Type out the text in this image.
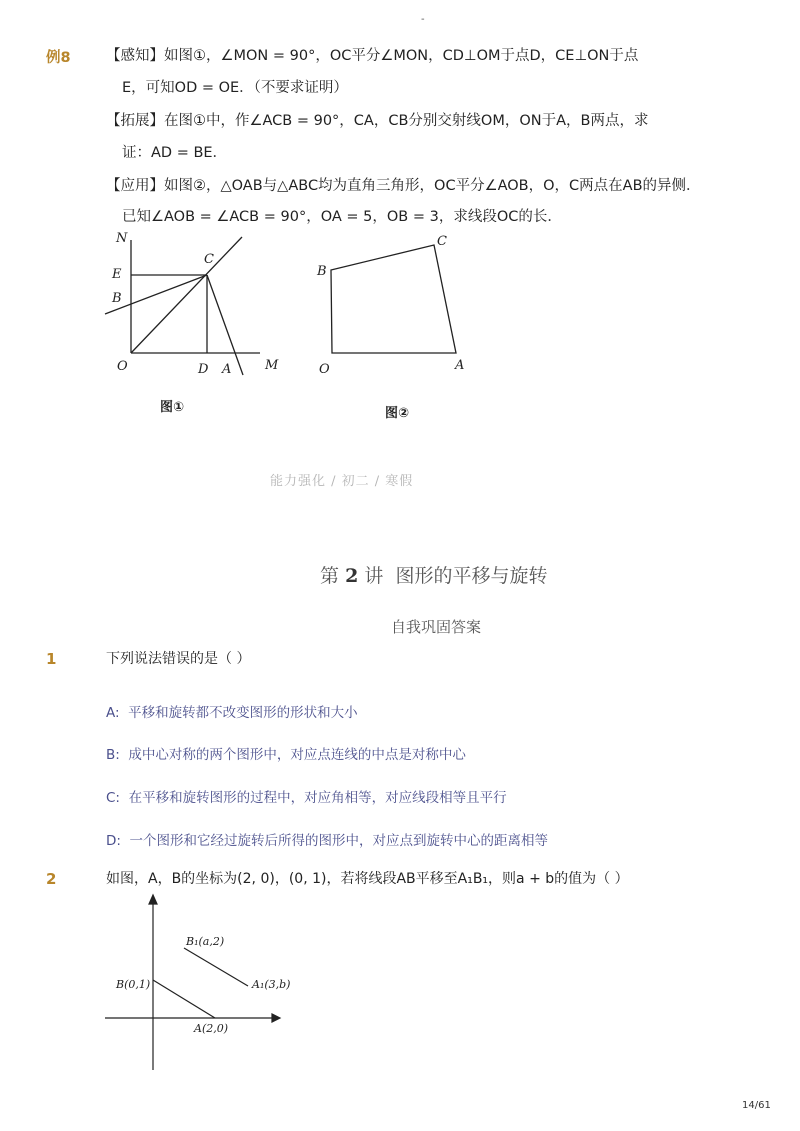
-
例8 【感知】如图①，∠MON = 90°，OC平分∠MON，CD⊥OM于点D，CE⊥ON于点
E，可知OD = OE．（不要求证明）
【拓展】在图①中，作∠ACB = 90°，CA，CB分别交射线OM，ON于A，B两点，求
证：AD = BE．
【应用】如图②，△OAB与△ABC均为直角三角形，OC平分∠AOB，O，C两点在AB的异侧．
已知∠AOB = ∠ACB = 90°，OA = 5，OB = 3，求线段OC的长．
N
E
B
C
O	D A	M
图①
B
C
O	A
图②
能力强化 / 初二 / 寒假
第 2 讲 图形的平移与旋转
自我巩固答案
1	下列说法错误的是（ ）
A: 平移和旋转都不改变图形的形状和大小
B: 成中心对称的两个图形中，对应点连线的中点是对称中心
C: 在平移和旋转图形的过程中，对应角相等，对应线段相等且平行
D: 一个图形和它经过旋转后所得的图形中，对应点到旋转中心的距离相等
2	如图，A，B的坐标为(2, 0)，(0, 1)，若将线段AB平移至A₁B₁，则a + b的值为（ ）
B₁(a,2)
A₁(3,b)
B(0,1)
A(2,0)
14/61
